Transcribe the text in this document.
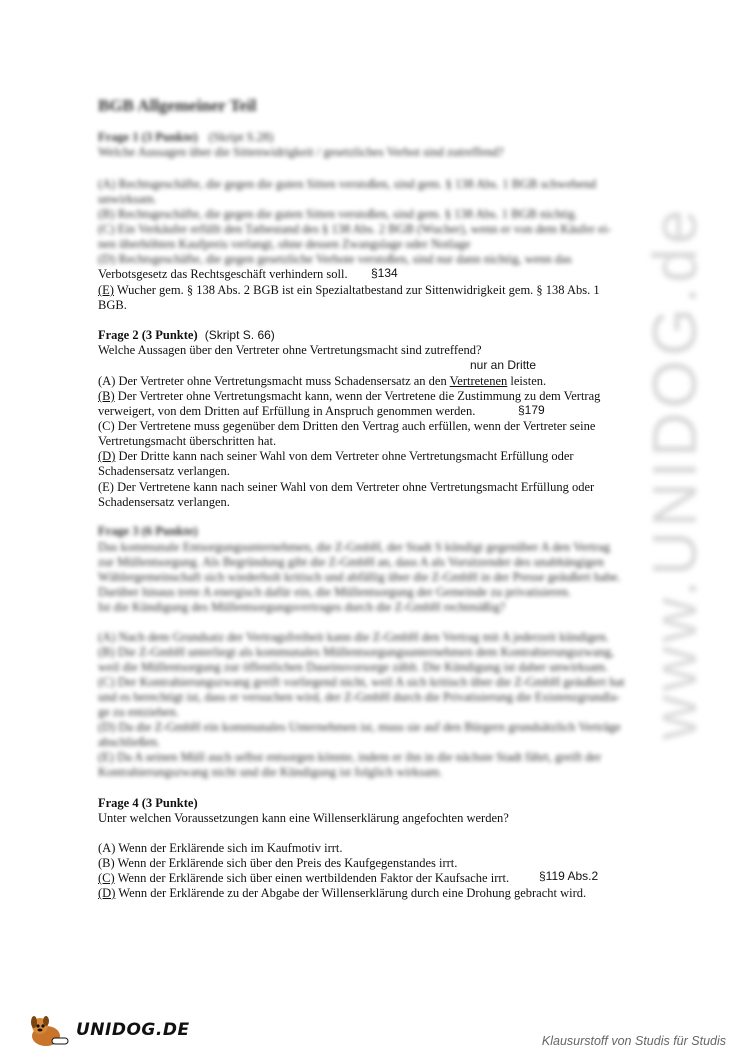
www.UNIDOG.de
BGB Allgemeiner Teil
Frage 1 (3 Punkte) (Skript S.28)
Welche Aussagen über die Sittenwidrigkeit / gesetzliches Verbot sind zutreffend?
(A) Rechtsgeschäfte, die gegen die guten Sitten verstoßen, sind gem. § 138 Abs. 1 BGB schwebend
unwirksam.
(B) Rechtsgeschäfte, die gegen die guten Sitten verstoßen, sind gem. § 138 Abs. 1 BGB nichtig.
(C) Ein Verkäufer erfüllt den Tatbestand des § 138 Abs. 2 BGB (Wucher), wenn er von dem Käufer ei-
nen überhöhten Kaufpreis verlangt, ohne dessen Zwangslage oder Notlage
(D) Rechtsgeschäfte, die gegen gesetzliche Verbote verstoßen, sind nur dann nichtig, wenn das
Verbotsgesetz das Rechtsgeschäft verhindern soll. §134
(E) Wucher gem. § 138 Abs. 2 BGB ist ein Spezialtatbestand zur Sittenwidrigkeit gem. § 138 Abs. 1
BGB.
Frage 2 (3 Punkte) (Skript S. 66)
Welche Aussagen über den Vertreter ohne Vertretungsmacht sind zutreffend?
nur an Dritte
(A) Der Vertreter ohne Vertretungsmacht muss Schadensersatz an den Vertretenen leisten.
(B) Der Vertreter ohne Vertretungsmacht kann, wenn der Vertretene die Zustimmung zu dem Vertrag
verweigert, von dem Dritten auf Erfüllung in Anspruch genommen werden.	§179
(C) Der Vertretene muss gegenüber dem Dritten den Vertrag auch erfüllen, wenn der Vertreter seine
Vertretungsmacht überschritten hat.
(D) Der Dritte kann nach seiner Wahl von dem Vertreter ohne Vertretungsmacht Erfüllung oder
Schadensersatz verlangen.
(E) Der Vertretene kann nach seiner Wahl von dem Vertreter ohne Vertretungsmacht Erfüllung oder
Schadensersatz verlangen.
Frage 3 (6 Punkte)
Das kommunale Entsorgungsunternehmen, die Z-GmbH, der Stadt S kündigt gegenüber A den Vertrag
zur Müllentsorgung. Als Begründung gibt die Z-GmbH an, dass A als Vorsitzender des unabhängigen
Wählergemeinschaft sich wiederholt kritisch und abfällig über die Z-GmbH in der Presse geäußert habe.
Darüber hinaus trete A energisch dafür ein, die Müllentsorgung der Gemeinde zu privatisieren.
Ist die Kündigung des Müllentsorgungsvertrages durch die Z-GmbH rechtmäßig?
(A) Nach dem Grundsatz der Vertragsfreiheit kann die Z-GmbH den Vertrag mit A jederzeit kündigen.
(B) Die Z-GmbH unterliegt als kommunales Müllentsorgungsunternehmen dem Kontrahierungszwang,
weil die Müllentsorgung zur öffentlichen Daseinsvorsorge zählt. Die Kündigung ist daher unwirksam.
(C) Der Kontrahierungszwang greift vorliegend nicht, weil A sich kritisch über die Z-GmbH geäußert hat
und es berechtigt ist, dass er versuchen wird, der Z-GmbH durch die Privatisierung die Existenzgrundla-
ge zu entziehen.
(D) Da die Z-GmbH ein kommunales Unternehmen ist, muss sie auf den Bürgern grundsätzlich Verträge
abschließen.
(E) Da A seinen Müll auch selbst entsorgen könnte, indem er ihn in die nächste Stadt fährt, greift der
Kontrahierungszwang nicht und die Kündigung ist folglich wirksam.
Frage 4 (3 Punkte)
Unter welchen Voraussetzungen kann eine Willenserklärung angefochten werden?
(A) Wenn der Erklärende sich im Kaufmotiv irrt.
(B) Wenn der Erklärende sich über den Preis des Kaufgegenstandes irrt.
(C) Wenn der Erklärende sich über einen wertbildenden Faktor der Kaufsache irrt. §119 Abs.2
(D) Wenn der Erklärende zu der Abgabe der Willenserklärung durch eine Drohung gebracht wird.
UNIDOG.DE
Klausurstoff von Studis für Studis
